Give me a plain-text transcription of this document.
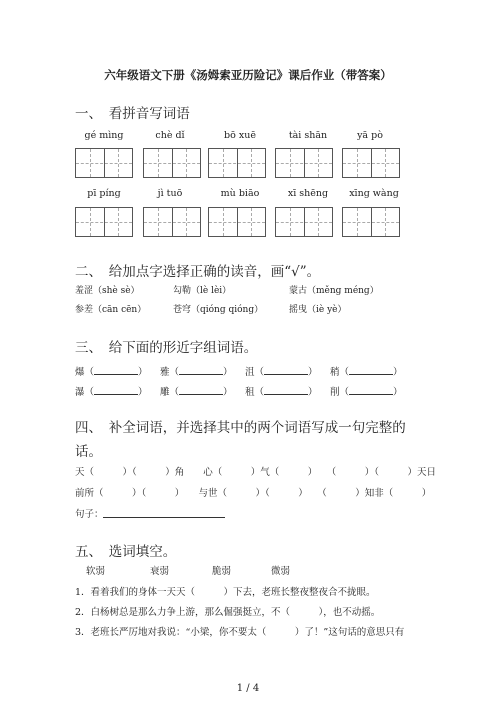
六年级语文下册《汤姆索亚历险记》课后作业（带答案）
一、　看拼音写词语
gé mìng	chè dǐ	bō xuē	tài shān	yā pò
pī píng	jì tuō	mù biāo	xī shēng	xīng wàng
二、　给加点字选择正确的读音，画“√”。
羞涩（shè sè）	勾勒（lè lèi）	蒙古（měng méng）
参差（cān cēn）	苍穹（qióng qióng）	摇曳（iè yè）
三、　给下面的形近字组词语。
爆（	） 雅（	） 沮（	） 稍（	）
瀑（	） 雕（	） 租（	） 削（	）
四、　补全词语，并选择其中的两个词语写成一句完整的
话。
天（　　　）（　　　）角　　心（　　　）气（　　　）　　（　　　）（　　　）天日
前所（　　　）（　　　）　　与世（　　　）（　　　）　　（　　　）知非（　　　）
句子：
五、　选词填空。
软弱	衰弱	脆弱	微弱
1．看着我们的身体一天天（　　　）下去，老班长整夜整夜合不拢眼。
2．白杨树总是那么力争上游，那么倔强挺立，不（　　　），也不动摇。
3．老班长严厉地对我说：“小梁，你不要太（　　　）了！”这句话的意思只有
1 / 4
